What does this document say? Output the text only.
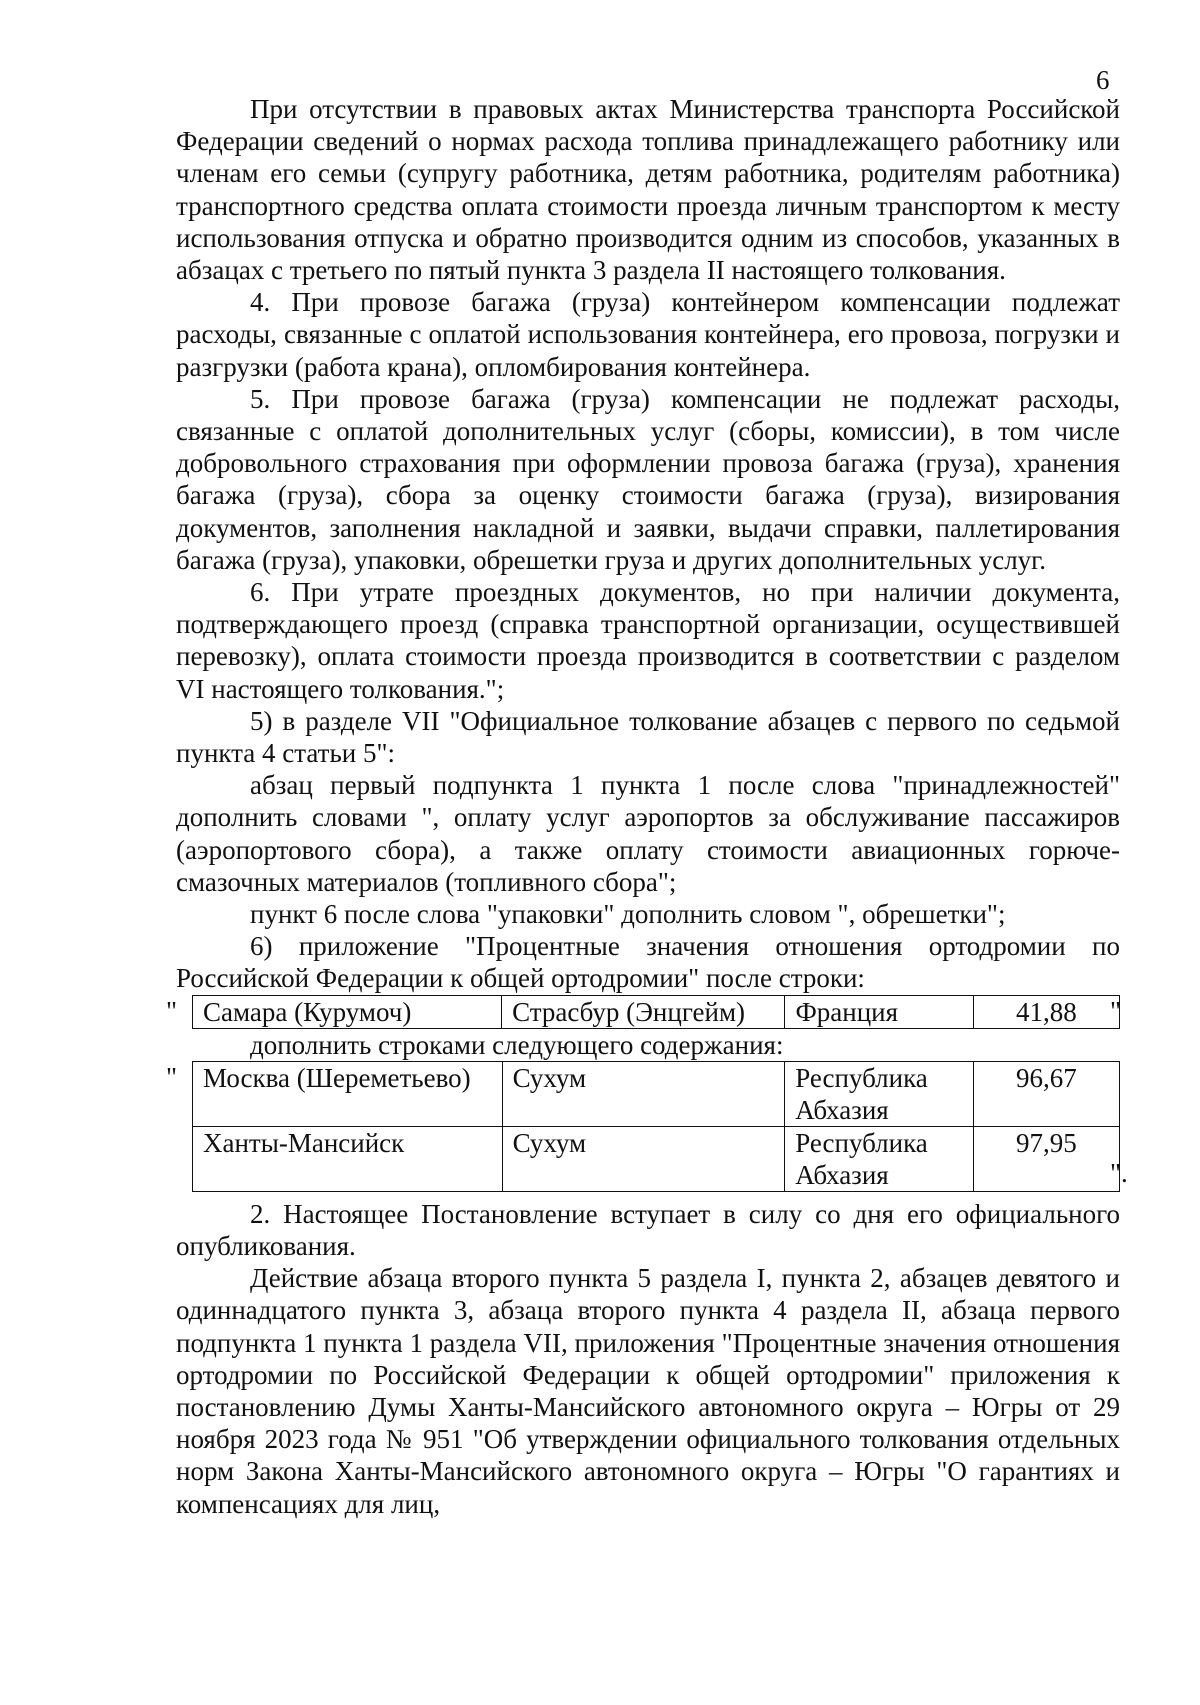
6

При отсутствии в правовых актах Министерства транспорта Российской Федерации сведений о нормах расхода топлива принадлежащего работнику или членам его семьи (супругу работника, детям работника, родителям работника) транспортного средства оплата стоимости проезда личным транспортом к месту использования отпуска и обратно производится одним из способов, указанных в абзацах с третьего по пятый пункта 3 раздела II настоящего толкования.

4. При провозе багажа (груза) контейнером компенсации подлежат расходы, связанные с оплатой использования контейнера, его провоза, погрузки и разгрузки (работа крана), опломбирования контейнера.

5. При провозе багажа (груза) компенсации не подлежат расходы, связанные с оплатой дополнительных услуг (сборы, комиссии), в том числе добровольного страхования при оформлении провоза багажа (груза), хранения багажа (груза), сбора за оценку стоимости багажа (груза), визирования документов, заполнения накладной и заявки, выдачи справки, паллетирования багажа (груза), упаковки, обрешетки груза и других дополнительных услуг.

6. При утрате проездных документов, но при наличии документа, подтверждающего проезд (справка транспортной организации, осуществившей перевозку), оплата стоимости проезда производится в соответствии с разделом VI настоящего толкования.";

5) в разделе VII "Официальное толкование абзацев с первого по седьмой пункта 4 статьи 5":

абзац первый подпункта 1 пункта 1 после слова "принадлежностей" дополнить словами ", оплату услуг аэропортов за обслуживание пассажиров (аэропортового сбора), а также оплату стоимости авиационных горюче-смазочных материалов (топливного сбора";

пункт 6 после слова "упаковки" дополнить словом ", обрешетки";

6) приложение "Процентные значения отношения ортодромии по Российской Федерации к общей ортодромии" после строки:

" Самара (Курумоч)	Страсбур (Энцгейм)	Франция	41,88 "
дополнить строками следующего содержания:
" Москва (Шереметьево)	Сухум	Республика Абхазия	96,67
Ханты-Мансийск	Сухум	Республика Абхазия	97,95
".

2. Настоящее Постановление вступает в силу со дня его официального опубликования.

Действие абзаца второго пункта 5 раздела I, пункта 2, абзацев девятого и одиннадцатого пункта 3, абзаца второго пункта 4 раздела II, абзаца первого подпункта 1 пункта 1 раздела VII, приложения "Процентные значения отношения ортодромии по Российской Федерации к общей ортодромии" приложения к постановлению Думы Ханты-Мансийского автономного округа – Югры от 29 ноября 2023 года № 951 "Об утверждении официального толкования отдельных норм Закона Ханты-Мансийского автономного округа – Югры "О гарантиях и компенсациях для лиц,
